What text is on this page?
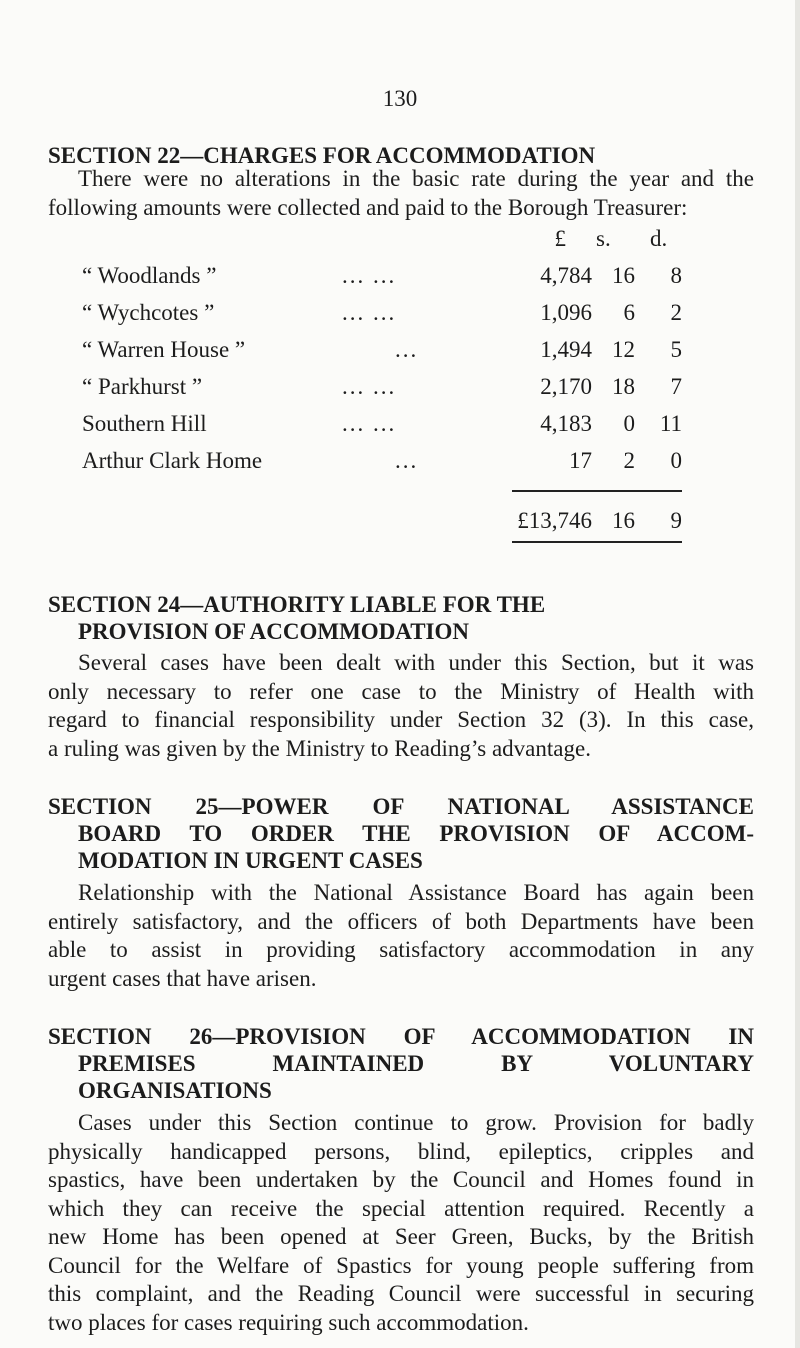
130
SECTION 22—CHARGES FOR ACCOMMODATION
There were no alterations in the basic rate during the year and the
following amounts were collected and paid to the Borough Treasurer:
£ s. d.
“ Woodlands ”	... ...	4,784 16	8
“ Wychcotes ”	... ...	1,096	6	2
“ Warren House ”	...	1,494 12	5
“ Parkhurst ”	... ...	2,170 18	7
Southern Hill	... ...	4,183	0	11
Arthur Clark Home	...	17	2	0
£13,746 16	9
SECTION 24—AUTHORITY LIABLE FOR THE
PROVISION OF ACCOMMODATION
Several cases have been dealt with under this Section, but it was
only necessary to refer one case to the Ministry of Health with
regard to financial responsibility under Section 32 (3). In this case,
a ruling was given by the Ministry to Reading’s advantage.
SECTION 25—POWER OF NATIONAL ASSISTANCE
BOARD TO ORDER THE PROVISION OF ACCOM-
MODATION IN URGENT CASES
Relationship with the National Assistance Board has again been
entirely satisfactory, and the officers of both Departments have been
able to assist in providing satisfactory accommodation in any
urgent cases that have arisen.
SECTION 26—PROVISION OF ACCOMMODATION IN
PREMISES MAINTAINED BY VOLUNTARY
ORGANISATIONS
Cases under this Section continue to grow. Provision for badly
physically handicapped persons, blind, epileptics, cripples and
spastics, have been undertaken by the Council and Homes found in
which they can receive the special attention required. Recently a
new Home has been opened at Seer Green, Bucks, by the British
Council for the Welfare of Spastics for young people suffering from
this complaint, and the Reading Council were successful in securing
two places for cases requiring such accommodation.
